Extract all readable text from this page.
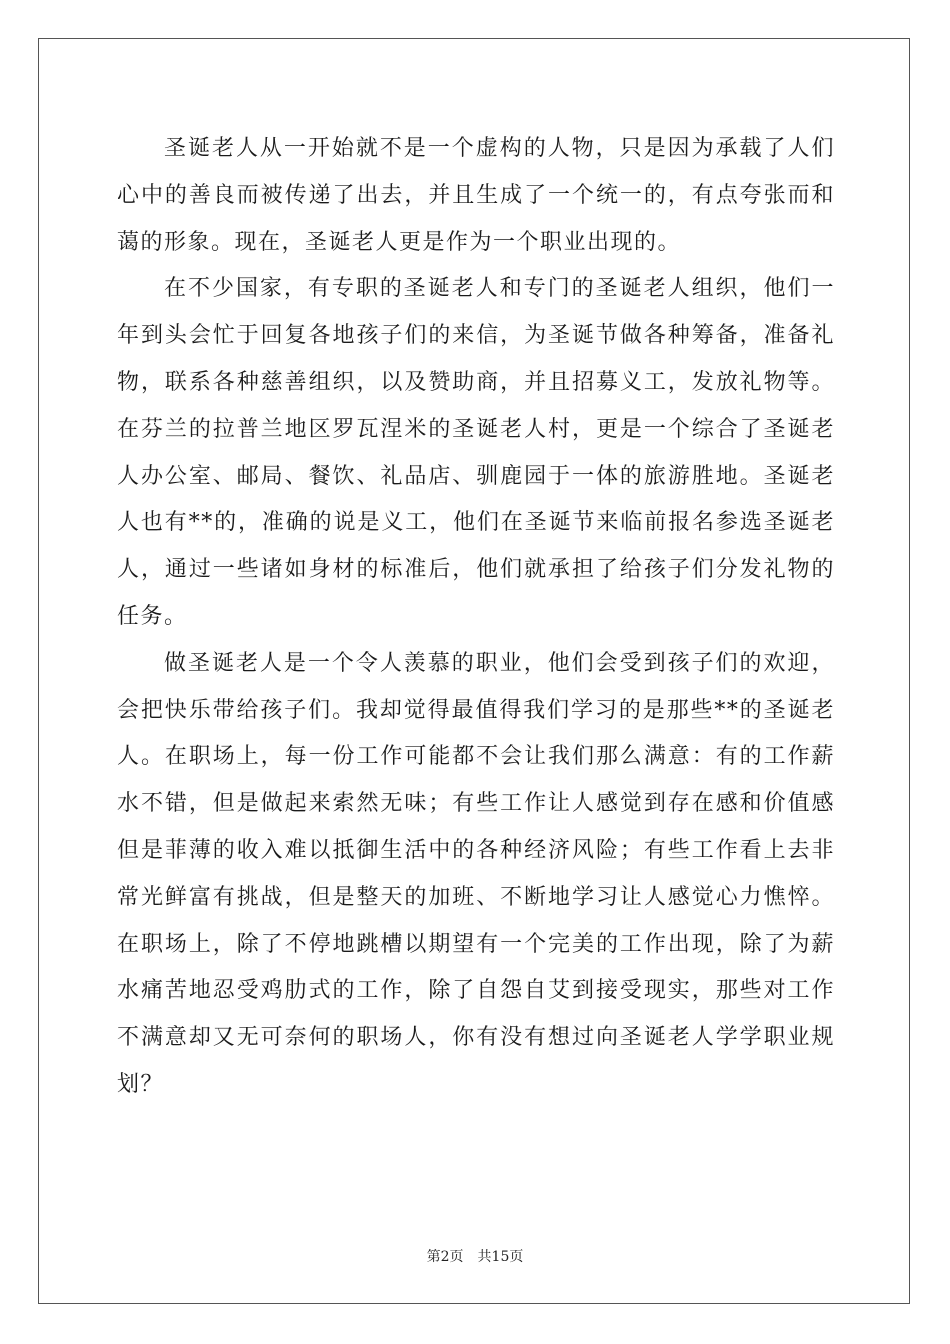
圣诞老人从一开始就不是一个虚构的人物，只是因为承载了人们心中的善良而被传递了出去，并且生成了一个统一的，有点夸张而和蔼的形象。现在，圣诞老人更是作为一个职业出现的。

在不少国家，有专职的圣诞老人和专门的圣诞老人组织，他们一年到头会忙于回复各地孩子们的来信，为圣诞节做各种筹备，准备礼物，联系各种慈善组织，以及赞助商，并且招募义工，发放礼物等。在芬兰的拉普兰地区罗瓦涅米的圣诞老人村，更是一个综合了圣诞老人办公室、邮局、餐饮、礼品店、驯鹿园于一体的旅游胜地。圣诞老人也有**的，准确的说是义工，他们在圣诞节来临前报名参选圣诞老人，通过一些诸如身材的标准后，他们就承担了给孩子们分发礼物的任务。

做圣诞老人是一个令人羡慕的职业，他们会受到孩子们的欢迎，会把快乐带给孩子们。我却觉得最值得我们学习的是那些**的圣诞老人。在职场上，每一份工作可能都不会让我们那么满意：有的工作薪水不错，但是做起来索然无味；有些工作让人感觉到存在感和价值感但是菲薄的收入难以抵御生活中的各种经济风险；有些工作看上去非常光鲜富有挑战，但是整天的加班、不断地学习让人感觉心力憔悴。在职场上，除了不停地跳槽以期望有一个完美的工作出现，除了为薪水痛苦地忍受鸡肋式的工作，除了自怨自艾到接受现实，那些对工作不满意却又无可奈何的职场人，你有没有想过向圣诞老人学学职业规划？

第2页　共15页
